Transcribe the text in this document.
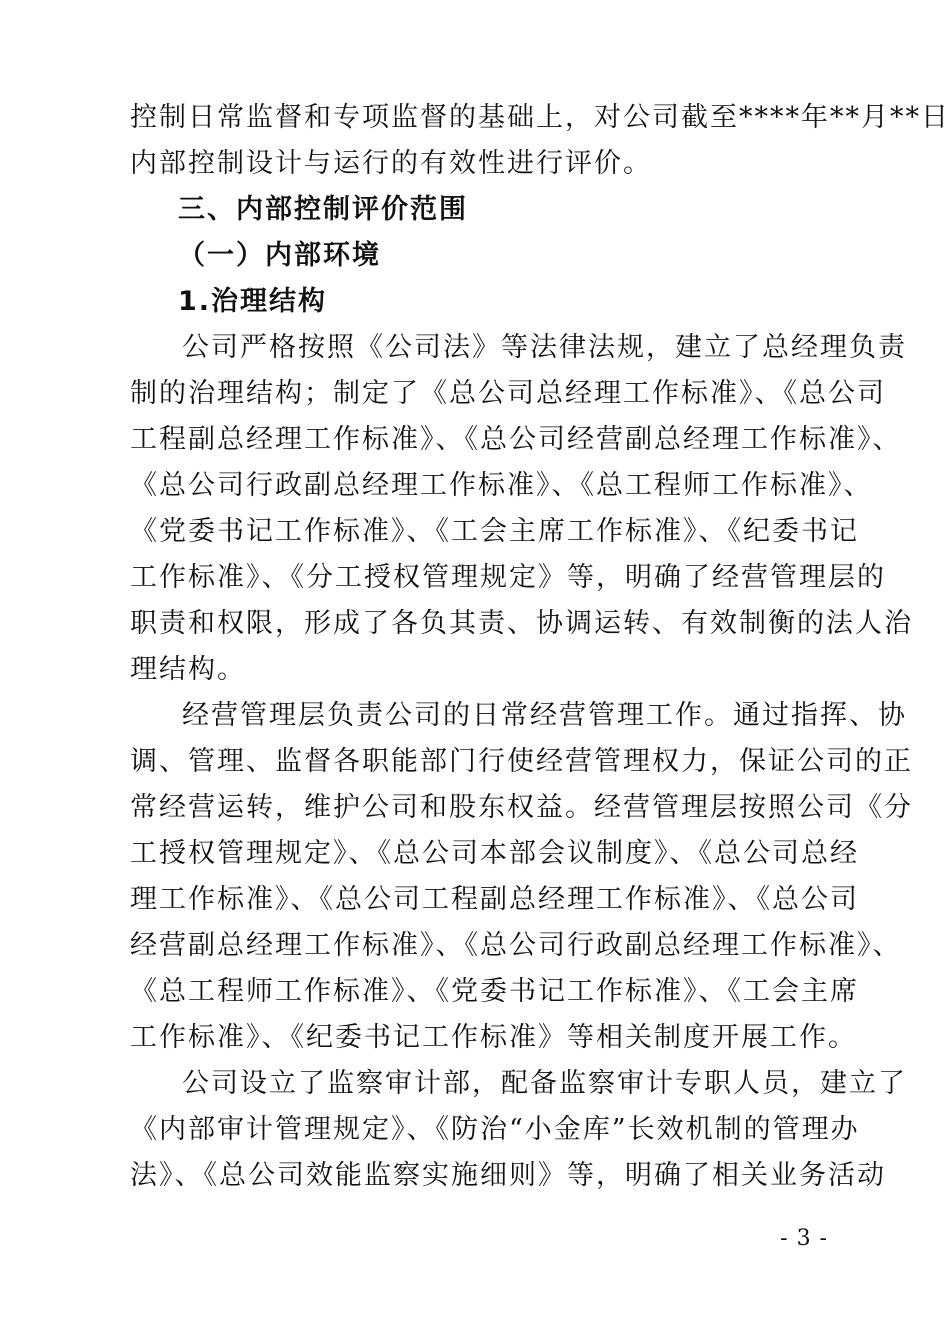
控制日常监督和专项监督的基础上，对公司截至****年**月**日
内部控制设计与运行的有效性进行评价。
三、内部控制评价范围
（一）内部环境
1.治理结构
公司严格按照《公司法》等法律法规，建立了总经理负责
制的治理结构；制定了《总公司总经理工作标准》、《总公司
工程副总经理工作标准》、《总公司经营副总经理工作标准》、
《总公司行政副总经理工作标准》、《总工程师工作标准》、
《党委书记工作标准》、《工会主席工作标准》、《纪委书记
工作标准》、《分工授权管理规定》等，明确了经营管理层的
职责和权限，形成了各负其责、协调运转、有效制衡的法人治
理结构。
经营管理层负责公司的日常经营管理工作。通过指挥、协
调、管理、监督各职能部门行使经营管理权力，保证公司的正
常经营运转，维护公司和股东权益。经营管理层按照公司《分
工授权管理规定》、《总公司本部会议制度》、《总公司总经
理工作标准》、《总公司工程副总经理工作标准》、《总公司
经营副总经理工作标准》、《总公司行政副总经理工作标准》、
《总工程师工作标准》、《党委书记工作标准》、《工会主席
工作标准》、《纪委书记工作标准》等相关制度开展工作。
公司设立了监察审计部，配备监察审计专职人员，建立了
《内部审计管理规定》、《防治“小金库”长效机制的管理办
法》、《总公司效能监察实施细则》等，明确了相关业务活动
- 3 -
